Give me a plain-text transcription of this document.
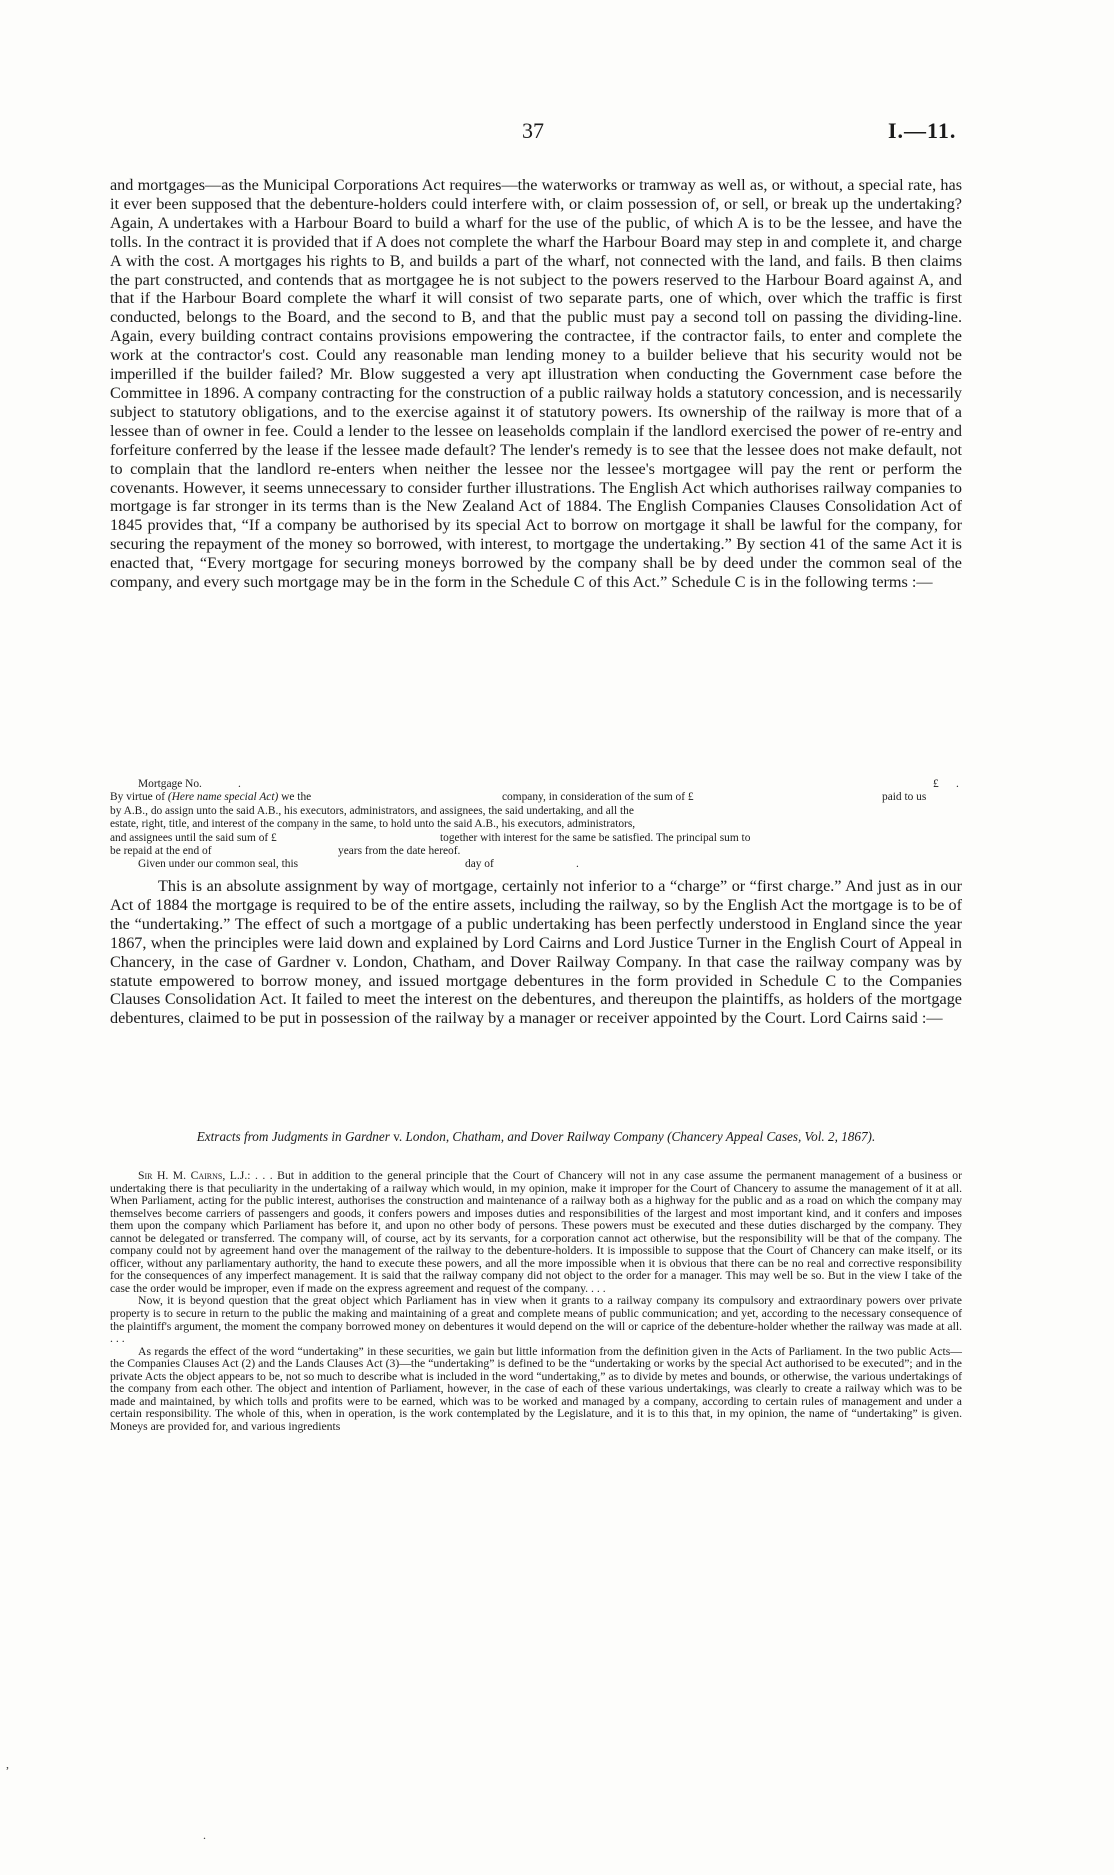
37	I.—11.

and mortgages—as the Municipal Corporations Act requires—the waterworks or tramway as well as, or without, a special rate, has it ever been supposed that the debenture-holders could interfere with, or claim possession of, or sell, or break up the undertaking? Again, A undertakes with a Harbour Board to build a wharf for the use of the public, of which A is to be the lessee, and have the tolls. In the contract it is provided that if A does not complete the wharf the Harbour Board may step in and complete it, and charge A with the cost. A mortgages his rights to B, and builds a part of the wharf, not connected with the land, and fails. B then claims the part constructed, and contends that as mortgagee he is not subject to the powers reserved to the Harbour Board against A, and that if the Harbour Board complete the wharf it will consist of two separate parts, one of which, over which the traffic is first conducted, belongs to the Board, and the second to B, and that the public must pay a second toll on passing the dividing-line. Again, every building contract contains provisions empowering the contractee, if the contractor fails, to enter and complete the work at the contractor's cost. Could any reasonable man lending money to a builder believe that his security would not be imperilled if the builder failed? Mr. Blow suggested a very apt illustration when conducting the Government case before the Committee in 1896. A company contracting for the construction of a public railway holds a statutory concession, and is necessarily subject to statutory obligations, and to the exercise against it of statutory powers. Its ownership of the railway is more that of a lessee than of owner in fee. Could a lender to the lessee on leaseholds complain if the landlord exercised the power of re-entry and forfeiture conferred by the lease if the lessee made default? The lender's remedy is to see that the lessee does not make default, not to complain that the landlord re-enters when neither the lessee nor the lessee's mortgagee will pay the rent or perform the covenants. However, it seems unnecessary to consider further illustrations. The English Act which authorises railway companies to mortgage is far stronger in its terms than is the New Zealand Act of 1884. The English Companies Clauses Consolidation Act of 1845 provides that, “If a company be authorised by its special Act to borrow on mortgage it shall be lawful for the company, for securing the repayment of the money so borrowed, with interest, to mortgage the undertaking.” By section 41 of the same Act it is enacted that, “Every mortgage for securing moneys borrowed by the company shall be by deed under the common seal of the company, and every such mortgage may be in the form in the Schedule C of this Act.” Schedule C is in the following terms :—

Mortgage No.	.	£ .
By virtue of (Here name special Act) we the	company, in consideration of the sum of £	paid to us
by A.B., do assign unto the said A.B., his executors, administrators, and assignees, the said undertaking, and all the
estate, right, title, and interest of the company in the same, to hold unto the said A.B., his executors, administrators,
and assignees until the said sum of £	together with interest for the same be satisfied. The principal sum to
be repaid at the end of	years from the date hereof.
Given under our common seal, this	day of	.

This is an absolute assignment by way of mortgage, certainly not inferior to a “charge” or “first charge.” And just as in our Act of 1884 the mortgage is required to be of the entire assets, including the railway, so by the English Act the mortgage is to be of the “undertaking.” The effect of such a mortgage of a public undertaking has been perfectly understood in England since the year 1867, when the principles were laid down and explained by Lord Cairns and Lord Justice Turner in the English Court of Appeal in Chancery, in the case of Gardner v. London, Chatham, and Dover Railway Company. In that case the railway company was by statute empowered to borrow money, and issued mortgage debentures in the form provided in Schedule C to the Companies Clauses Consolidation Act. It failed to meet the interest on the debentures, and thereupon the plaintiffs, as holders of the mortgage debentures, claimed to be put in possession of the railway by a manager or receiver appointed by the Court. Lord Cairns said :—

Extracts from Judgments in Gardner v. London, Chatham, and Dover Railway Company (Chancery Appeal Cases, Vol. 2, 1867).

Sir H. M. Cairns, L.J.: . . . But in addition to the general principle that the Court of Chancery will not in any case assume the permanent management of a business or undertaking there is that peculiarity in the undertaking of a railway which would, in my opinion, make it improper for the Court of Chancery to assume the management of it at all. When Parliament, acting for the public interest, authorises the construction and maintenance of a railway both as a highway for the public and as a road on which the company may themselves become carriers of passengers and goods, it confers powers and imposes duties and responsibilities of the largest and most important kind, and it confers and imposes them upon the company which Parliament has before it, and upon no other body of persons. These powers must be executed and these duties discharged by the company. They cannot be delegated or transferred. The company will, of course, act by its servants, for a corporation cannot act otherwise, but the responsibility will be that of the company. The company could not by agreement hand over the management of the railway to the debenture-holders. It is impossible to suppose that the Court of Chancery can make itself, or its officer, without any parliamentary authority, the hand to execute these powers, and all the more impossible when it is obvious that there can be no real and corrective responsibility for the consequences of any imperfect management. It is said that the railway company did not object to the order for a manager. This may well be so. But in the view I take of the case the order would be improper, even if made on the express agreement and request of the company. . . .

Now, it is beyond question that the great object which Parliament has in view when it grants to a railway company its compulsory and extraordinary powers over private property is to secure in return to the public the making and maintaining of a great and complete means of public communication; and yet, according to the necessary consequence of the plaintiff's argument, the moment the company borrowed money on debentures it would depend on the will or caprice of the debenture-holder whether the railway was made at all. . . .

As regards the effect of the word “undertaking” in these securities, we gain but little information from the definition given in the Acts of Parliament. In the two public Acts—the Companies Clauses Act (2) and the Lands Clauses Act (3)—the “undertaking” is defined to be the “undertaking or works by the special Act authorised to be executed”; and in the private Acts the object appears to be, not so much to describe what is included in the word “undertaking,” as to divide by metes and bounds, or otherwise, the various undertakings of the company from each other. The object and intention of Parliament, however, in the case of each of these various undertakings, was clearly to create a railway which was to be made and maintained, by which tolls and profits were to be earned, which was to be worked and managed by a company, according to certain rules of management and under a certain responsibility. The whole of this, when in operation, is the work contemplated by the Legislature, and it is to this that, in my opinion, the name of “undertaking” is given. Moneys are provided for, and various ingredients

,
.
